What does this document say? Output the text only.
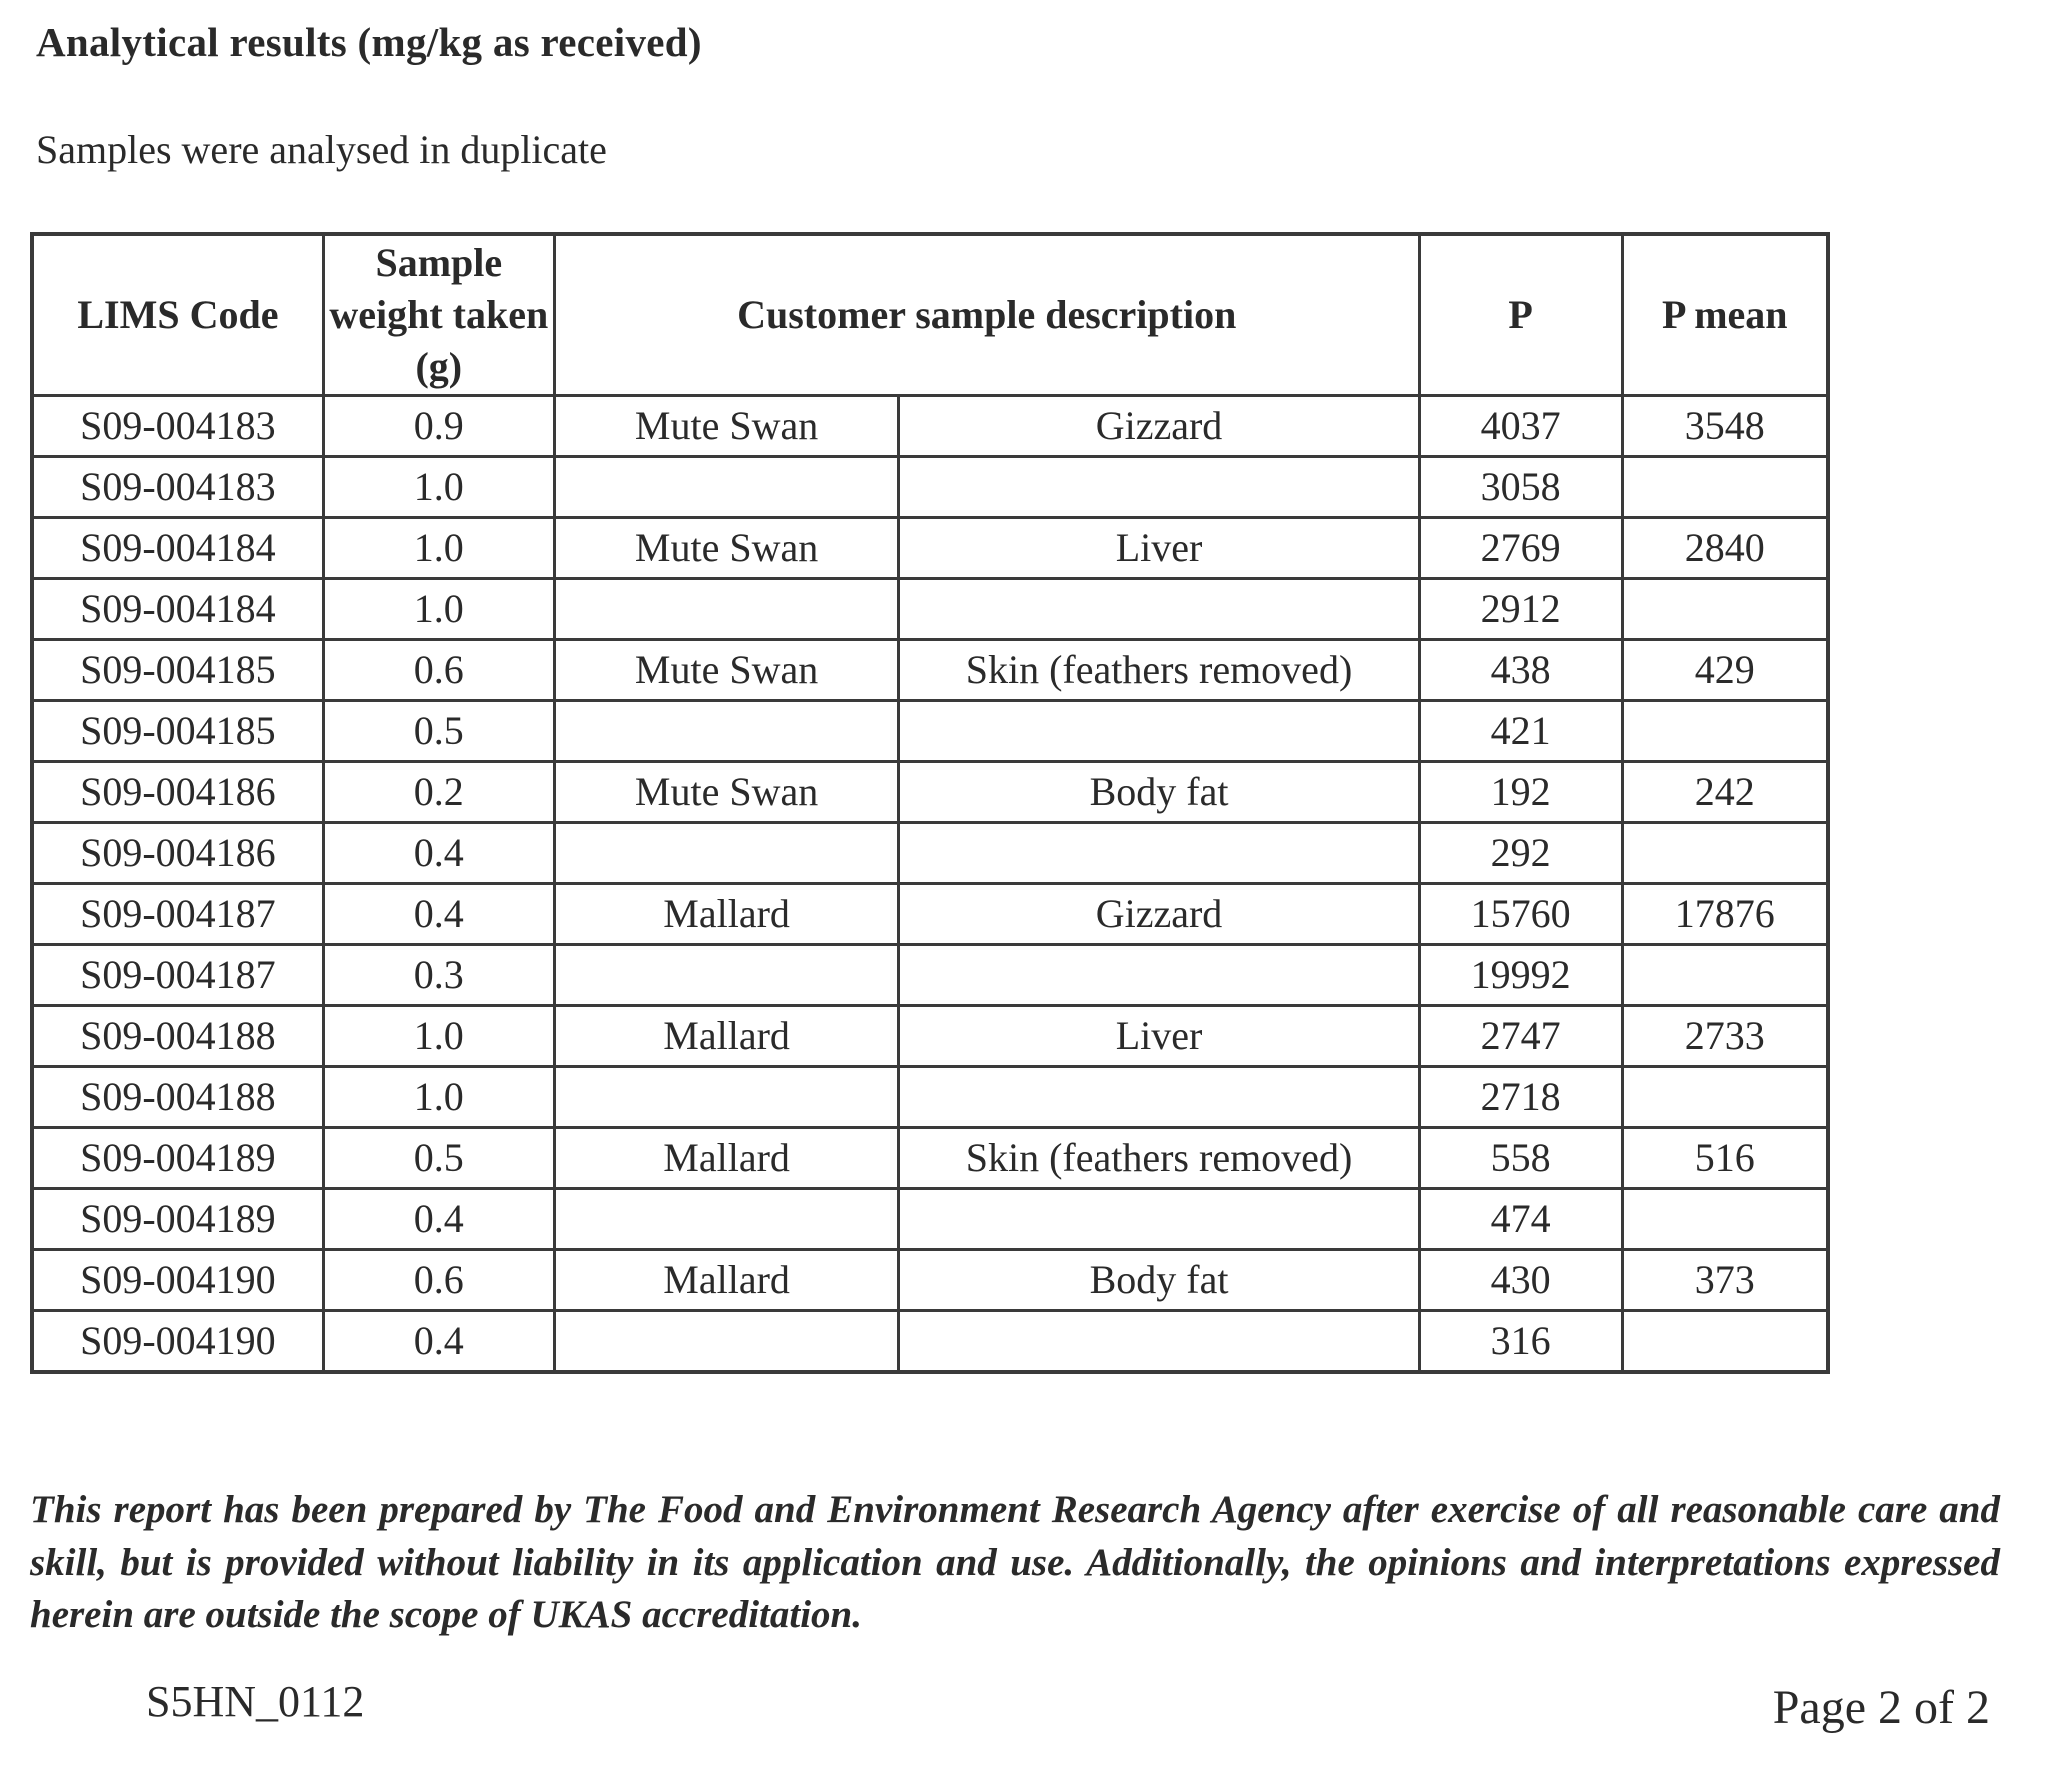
Analytical results (mg/kg as received)
Samples were analysed in duplicate
LIMS Code	Sample weight taken (g)	Customer sample description		P	P mean
S09-004183	0.9	Mute Swan	Gizzard	4037	3548
S09-004183	1.0			3058	
S09-004184	1.0	Mute Swan	Liver	2769	2840
S09-004184	1.0			2912	
S09-004185	0.6	Mute Swan	Skin (feathers removed)	438	429
S09-004185	0.5			421	
S09-004186	0.2	Mute Swan	Body fat	192	242
S09-004186	0.4			292	
S09-004187	0.4	Mallard	Gizzard	15760	17876
S09-004187	0.3			19992	
S09-004188	1.0	Mallard	Liver	2747	2733
S09-004188	1.0			2718	
S09-004189	0.5	Mallard	Skin (feathers removed)	558	516
S09-004189	0.4			474	
S09-004190	0.6	Mallard	Body fat	430	373
S09-004190	0.4			316	
This report has been prepared by The Food and Environment Research Agency after exercise of all reasonable care and skill, but is provided without liability in its application and use. Additionally, the opinions and interpretations expressed herein are outside the scope of UKAS accreditation.
S5HN_0112	Page 2 of 2
